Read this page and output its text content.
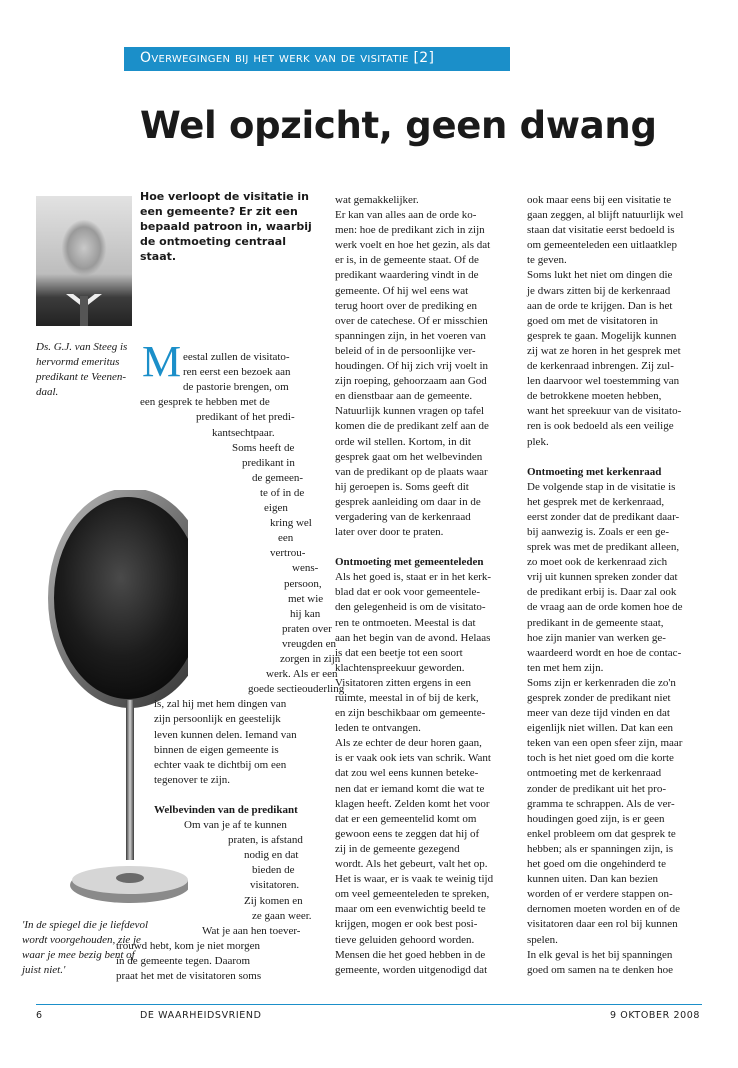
Overwegingen bij het werk van de visitatie [2]
Wel opzicht, geen dwang
Ds. G.J. van Steeg is
hervormd emeritus
predikant te Veenen-
daal.
'In de spiegel die je liefdevol
wordt voorgehouden, zie je
waar je mee bezig bent of
juist niet.'
Hoe verloopt de visitatie in
een gemeente? Er zit een
bepaald patroon in, waarbij
de ontmoeting centraal
staat.
M eestal zullen de visitato-
ren eerst een bezoek aan
de pastorie brengen, om
een gesprek te hebben met de
predikant of het predi-
kantsechtpaar.
Soms heeft de
predikant in
de gemeen-
te of in de
eigen
kring wel
een
vertrou-
wens-
persoon,
met wie
hij kan
praten over
vreugden en
zorgen in zijn
werk. Als er een
goede sectieouderling
is, zal hij met hem dingen van
zijn persoonlijk en geestelijk
leven kunnen delen. Iemand van
binnen de eigen gemeente is
echter vaak te dichtbij om een
tegenover te zijn.
Welbevinden van de predikant
Om van je af te kunnen
praten, is afstand
nodig en dat
bieden de
visitatoren.
Zij komen en
ze gaan weer.
Wat je aan hen toever-
trouwd hebt, kom je niet morgen
in de gemeente tegen. Daarom
praat het met de visitatoren soms
wat gemakkelijker.
Er kan van alles aan de orde ko-
men: hoe de predikant zich in zijn
werk voelt en hoe het gezin, als dat
er is, in de gemeente staat. Of de
predikant waardering vindt in de
gemeente. Of hij wel eens wat
terug hoort over de prediking en
over de catechese. Of er misschien
spanningen zijn, in het voeren van
beleid of in de persoonlijke ver-
houdingen. Of hij zich vrij voelt in
zijn roeping, gehoorzaam aan God
en dienstbaar aan de gemeente.
Natuurlijk kunnen vragen op tafel
komen die de predikant zelf aan de
orde wil stellen. Kortom, in dit
gesprek gaat om het welbevinden
van de predikant op de plaats waar
hij geroepen is. Soms geeft dit
gesprek aanleiding om daar in de
vergadering van de kerkenraad
later over door te praten.
Ontmoeting met gemeenteleden
Als het goed is, staat er in het kerk-
blad dat er ook voor gemeentele-
den gelegenheid is om de visitato-
ren te ontmoeten. Meestal is dat
aan het begin van de avond. Helaas
is dat een beetje tot een soort
klachtenspreekuur geworden.
Visitatoren zitten ergens in een
ruimte, meestal in of bij de kerk,
en zijn beschikbaar om gemeente-
leden te ontvangen.
Als ze echter de deur horen gaan,
is er vaak ook iets van schrik. Want
dat zou wel eens kunnen beteke-
nen dat er iemand komt die wat te
klagen heeft. Zelden komt het voor
dat er een gemeentelid komt om
gewoon eens te zeggen dat hij of
zij in de gemeente gezegend
wordt. Als het gebeurt, valt het op.
Het is waar, er is vaak te weinig tijd
om veel gemeenteleden te spreken,
maar om een evenwichtig beeld te
krijgen, mogen er ook best posi-
tieve geluiden gehoord worden.
Mensen die het goed hebben in de
gemeente, worden uitgenodigd dat
ook maar eens bij een visitatie te
gaan zeggen, al blijft natuurlijk wel
staan dat visitatie eerst bedoeld is
om gemeenteleden een uitlaatklep
te geven.
Soms lukt het niet om dingen die
je dwars zitten bij de kerkenraad
aan de orde te krijgen. Dan is het
goed om met de visitatoren in
gesprek te gaan. Mogelijk kunnen
zij wat ze horen in het gesprek met
de kerkenraad inbrengen. Zij zul-
len daarvoor wel toestemming van
de betrokkene moeten hebben,
want het spreekuur van de visitato-
ren is ook bedoeld als een veilige
plek.
Ontmoeting met kerkenraad
De volgende stap in de visitatie is
het gesprek met de kerkenraad,
eerst zonder dat de predikant daar-
bij aanwezig is. Zoals er een ge-
sprek was met de predikant alleen,
zo moet ook de kerkenraad zich
vrij uit kunnen spreken zonder dat
de predikant erbij is. Daar zal ook
de vraag aan de orde komen hoe de
predikant in de gemeente staat,
hoe zijn manier van werken ge-
waardeerd wordt en hoe de contac-
ten met hem zijn.
Soms zijn er kerkenraden die zo'n
gesprek zonder de predikant niet
meer van deze tijd vinden en dat
eigenlijk niet willen. Dat kan een
teken van een open sfeer zijn, maar
toch is het niet goed om die korte
ontmoeting met de kerkenraad
zonder de predikant uit het pro-
gramma te schrappen. Als de ver-
houdingen goed zijn, is er geen
enkel probleem om dat gesprek te
hebben; als er spanningen zijn, is
het goed om die ongehinderd te
kunnen uiten. Dan kan bezien
worden of er verdere stappen on-
dernomen moeten worden en of de
visitatoren daar een rol bij kunnen
spelen.
In elk geval is het bij spanningen
goed om samen na te denken hoe
6	DE WAARHEIDSVRIEND	9 OKTOBER 2008
